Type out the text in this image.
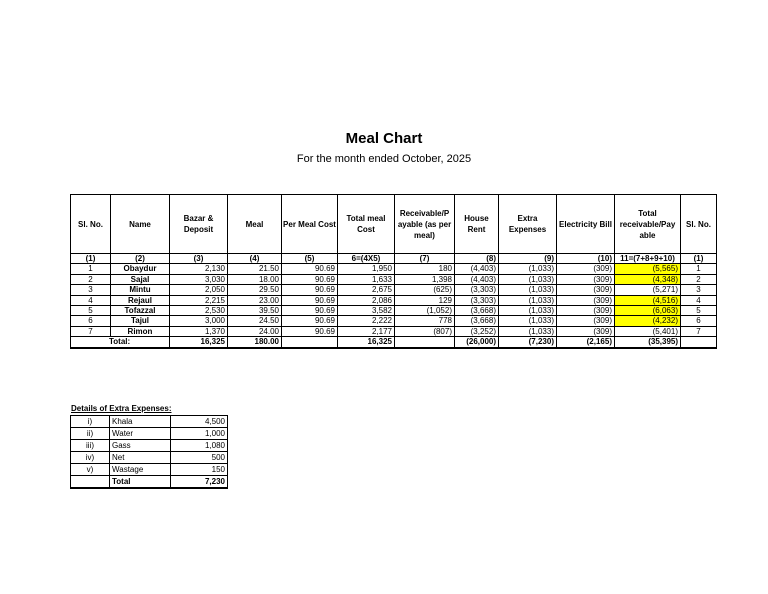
Meal Chart
For the month ended October, 2025
Sl. No.	Name	Bazar & Deposit	Meal	Per Meal Cost	Total meal Cost	Receivable/P ayable (as per meal)	House Rent	Extra Expenses	Electricity Bill	Total receivable/Pay able	Sl. No.
(1)	(2)	(3)	(4)	(5)	6=(4X5)	(7)	(8)	(9)	(10)	11=(7+8+9+10)	(1)
1	Obaydur	2,130	21.50	90.69	1,950	180	(4,403)	(1,033)	(309)	(5,565)	1
2	Sajal	3,030	18.00	90.69	1,633	1,398	(4,403)	(1,033)	(309)	(4,348)	2
3	Mintu	2,050	29.50	90.69	2,675	(625)	(3,303)	(1,033)	(309)	(5,271)	3
4	Rejaul	2,215	23.00	90.69	2,086	129	(3,303)	(1,033)	(309)	(4,516)	4
5	Tofazzal	2,530	39.50	90.69	3,582	(1,052)	(3,668)	(1,033)	(309)	(6,063)	5
6	Tajul	3,000	24.50	90.69	2,222	778	(3,668)	(1,033)	(309)	(4,232)	6
7	Rimon	1,370	24.00	90.69	2,177	(807)	(3,252)	(1,033)	(309)	(5,401)	7
Total:		16,325	180.00		16,325		(26,000)	(7,230)	(2,165)	(35,395)	
Details of Extra Expenses:
i)	Khala	4,500
ii)	Water	1,000
iii)	Gass	1,080
iv)	Net	500
v)	Wastage	150
	Total	7,230
